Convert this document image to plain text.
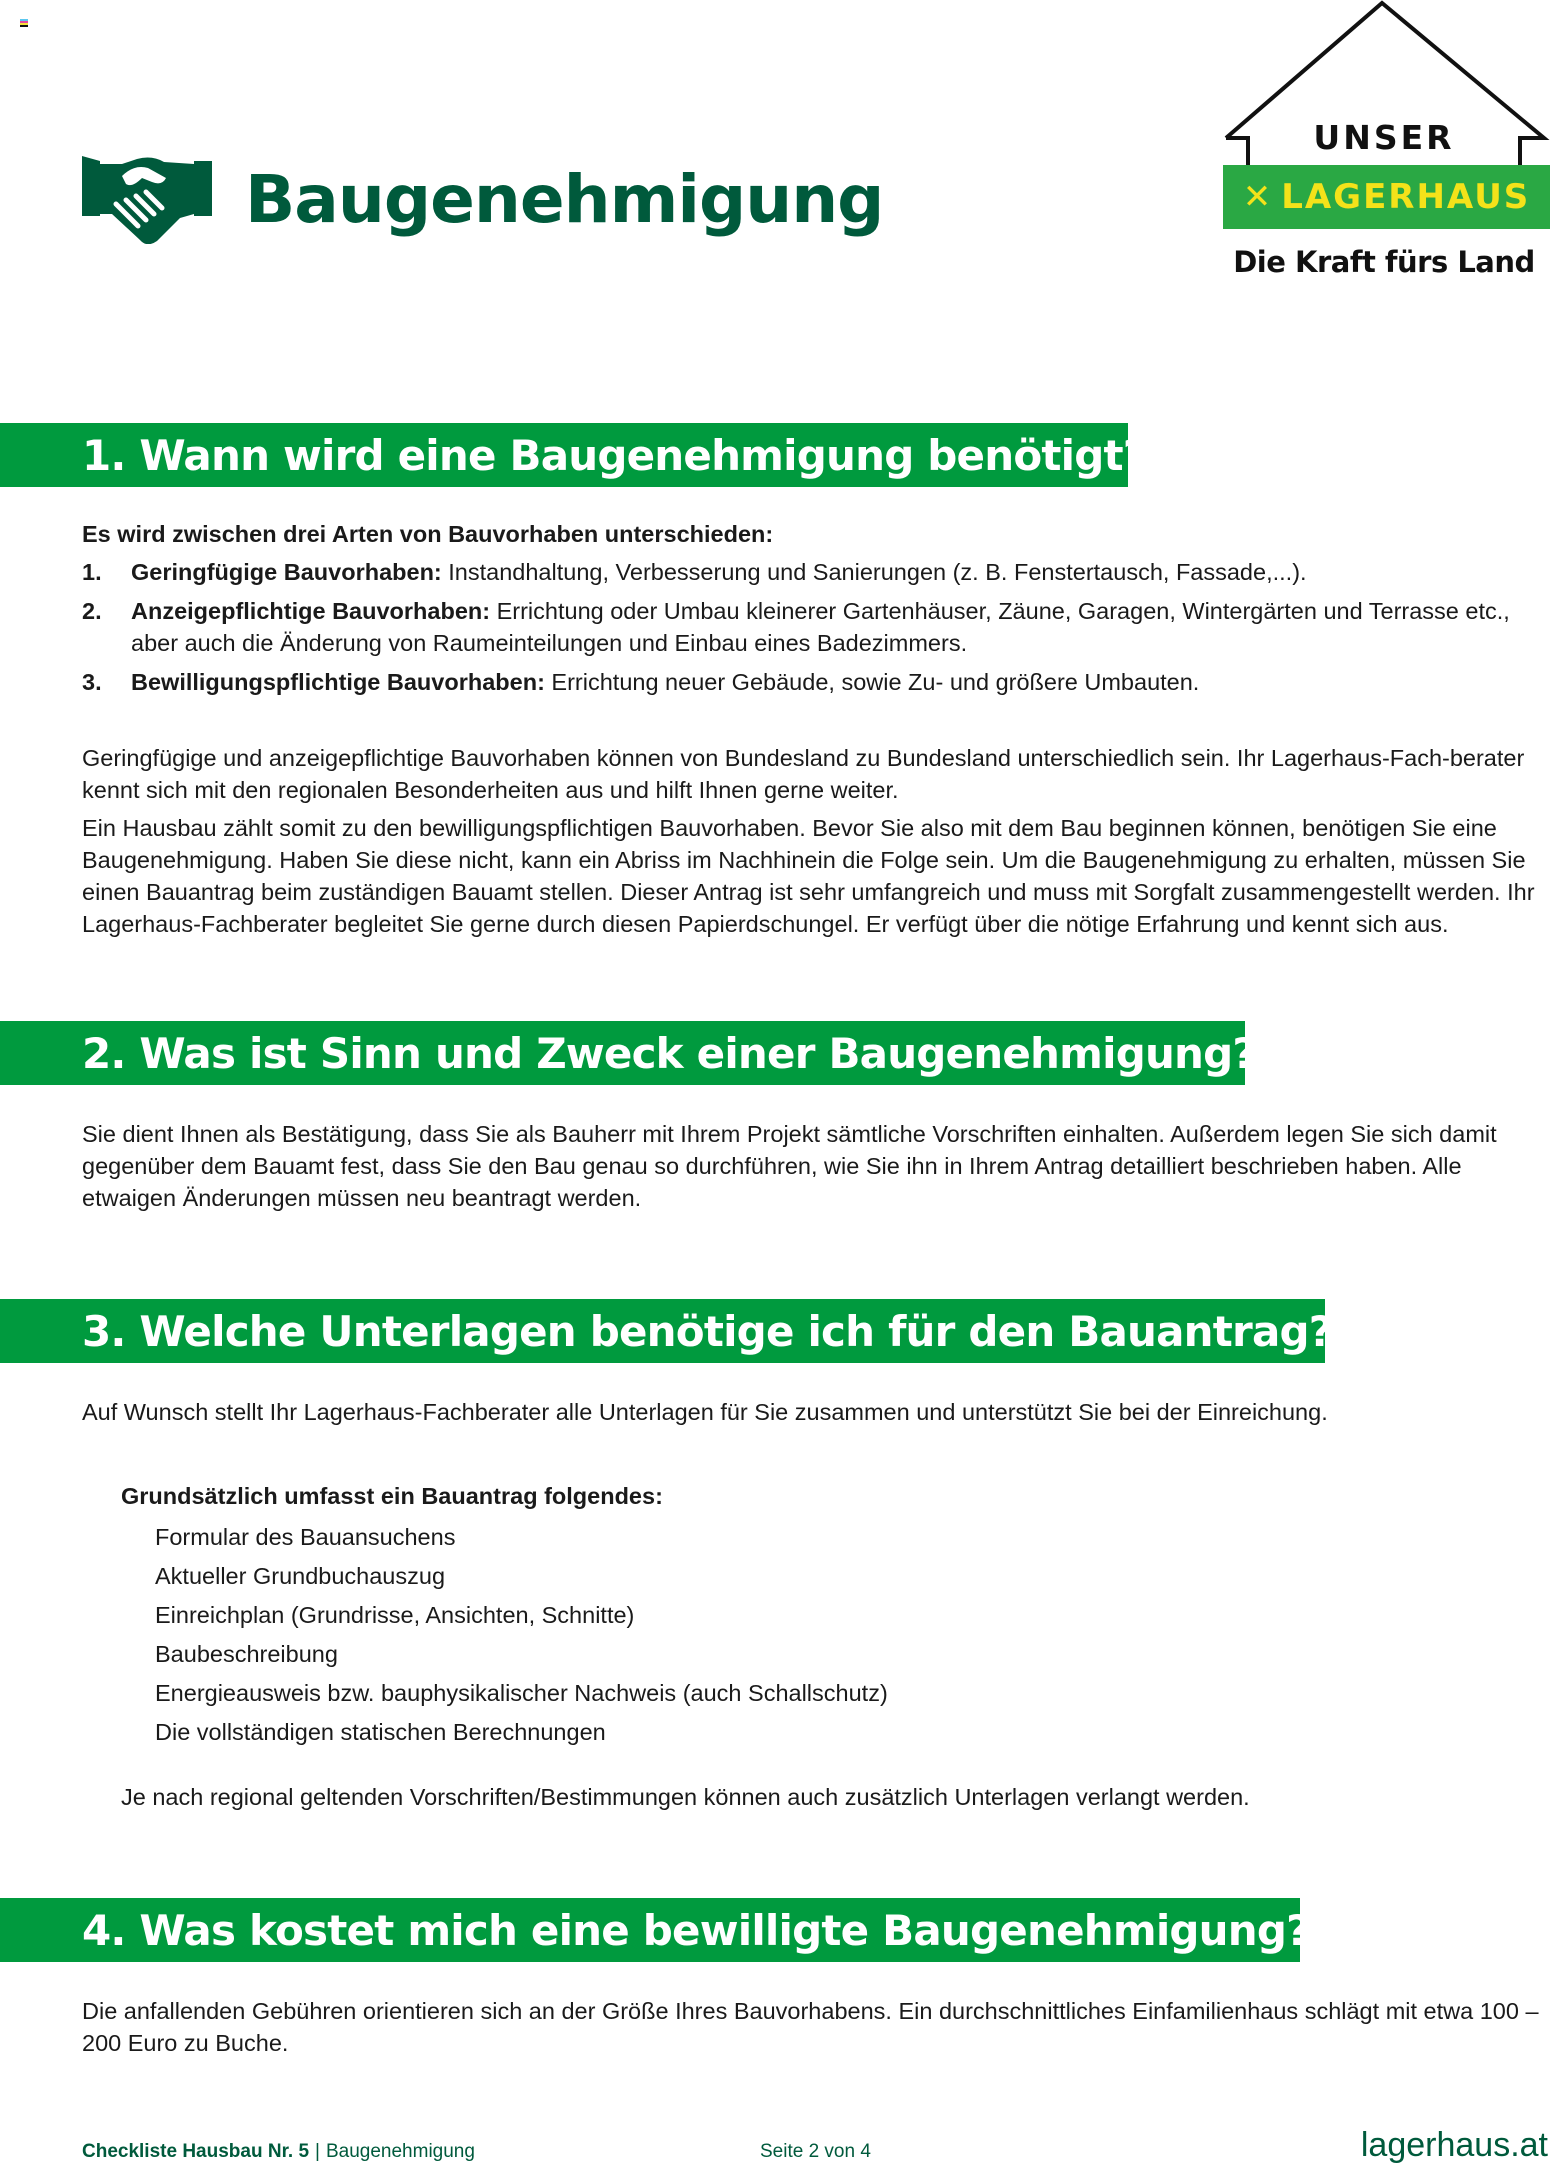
Baugenehmigung
UNSER
✕ LAGERHAUS
Die Kraft fürs Land
1. Wann wird eine Baugenehmigung benötigt?

Es wird zwischen drei Arten von Bauvorhaben unterschieden:

1. Geringfügige Bauvorhaben: Instandhaltung, Verbesserung und Sanierungen (z. B. Fenstertausch, Fassade,...).
2. Anzeigepflichtige Bauvorhaben: Errichtung oder Umbau kleinerer Gartenhäuser, Zäune, Garagen, Wintergärten und Terrasse etc., aber auch die Änderung von Raumeinteilungen und Einbau eines Badezimmers.
3. Bewilligungspflichtige Bauvorhaben: Errichtung neuer Gebäude, sowie Zu- und größere Umbauten.

Geringfügige und anzeigepflichtige Bauvorhaben können von Bundesland zu Bundesland unterschiedlich sein. Ihr Lagerhaus-Fach-berater kennt sich mit den regionalen Besonderheiten aus und hilft Ihnen gerne weiter.

Ein Hausbau zählt somit zu den bewilligungspflichtigen Bauvorhaben. Bevor Sie also mit dem Bau beginnen können, benötigen Sie eine Baugenehmigung. Haben Sie diese nicht, kann ein Abriss im Nachhinein die Folge sein. Um die Baugenehmigung zu erhalten, müssen Sie einen Bauantrag beim zuständigen Bauamt stellen. Dieser Antrag ist sehr umfangreich und muss mit Sorgfalt zusammengestellt werden. Ihr Lagerhaus-Fachberater begleitet Sie gerne durch diesen Papierdschungel. Er verfügt über die nötige Erfahrung und kennt sich aus.

2. Was ist Sinn und Zweck einer Baugenehmigung?

Sie dient Ihnen als Bestätigung, dass Sie als Bauherr mit Ihrem Projekt sämtliche Vorschriften einhalten. Außerdem legen Sie sich damit gegenüber dem Bauamt fest, dass Sie den Bau genau so durchführen, wie Sie ihn in Ihrem Antrag detailliert beschrieben haben. Alle etwaigen Änderungen müssen neu beantragt werden.

3. Welche Unterlagen benötige ich für den Bauantrag?

Auf Wunsch stellt Ihr Lagerhaus-Fachberater alle Unterlagen für Sie zusammen und unterstützt Sie bei der Einreichung.

Grundsätzlich umfasst ein Bauantrag folgendes:
Formular des Bauansuchens
Aktueller Grundbuchauszug
Einreichplan (Grundrisse, Ansichten, Schnitte)
Baubeschreibung
Energieausweis bzw. bauphysikalischer Nachweis (auch Schallschutz)
Die vollständigen statischen Berechnungen
Je nach regional geltenden Vorschriften/Bestimmungen können auch zusätzlich Unterlagen verlangt werden.
4. Was kostet mich eine bewilligte Baugenehmigung?

Die anfallenden Gebühren orientieren sich an der Größe Ihres Bauvorhabens. Ein durchschnittliches Einfamilienhaus schlägt mit etwa 100 – 200 Euro zu Buche.

Checkliste Hausbau Nr. 5 | Baugenehmigung	Seite 2 von 4	lagerhaus.at
